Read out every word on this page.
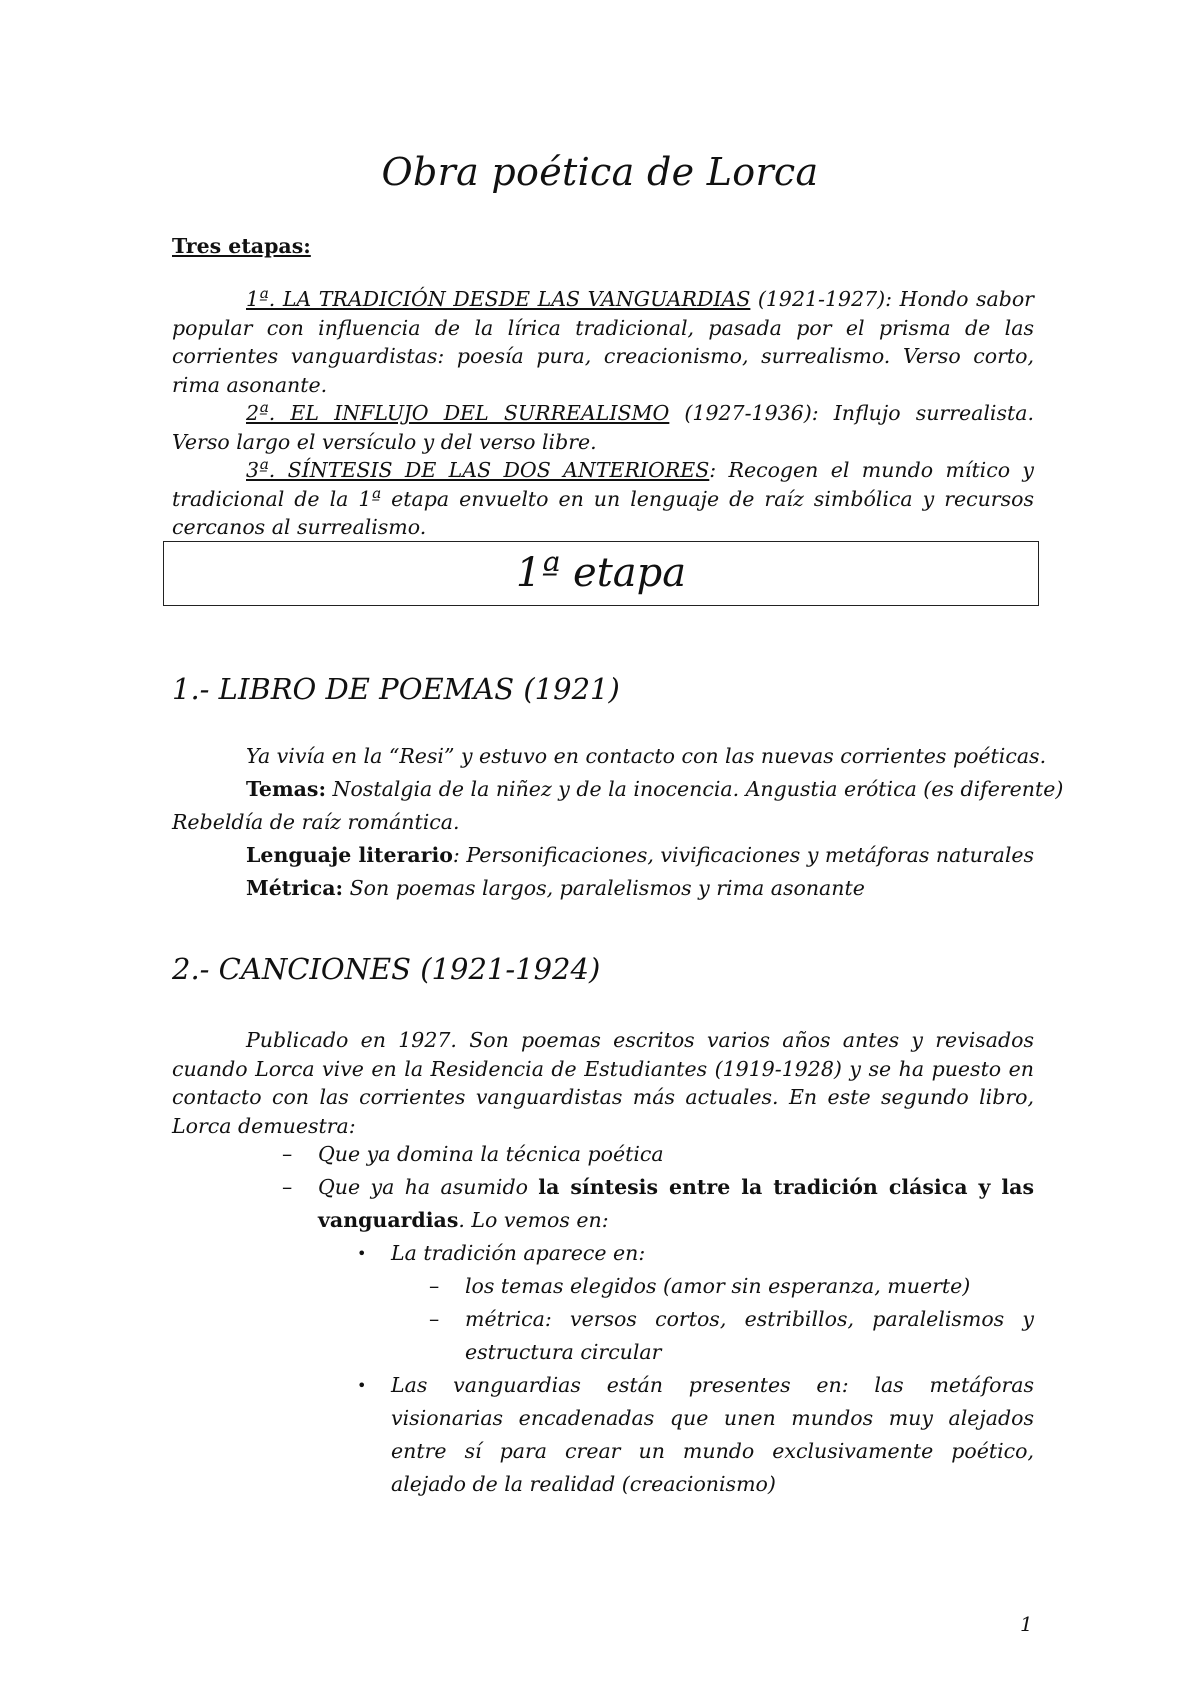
Obra poética de Lorca
Tres etapas:

1ª. LA TRADICIÓN DESDE LAS VANGUARDIAS (1921-1927): Hondo sabor popular con influencia de la lírica tradicional, pasada por el prisma de las corrientes vanguardistas: poesía pura, creacionismo, surrealismo. Verso corto, rima asonante.

2ª. EL INFLUJO DEL SURREALISMO (1927-1936): Influjo surrealista. Verso largo el versículo y del verso libre.

3ª. SÍNTESIS DE LAS DOS ANTERIORES: Recogen el mundo mítico y tradicional de la 1ª etapa envuelto en un lenguaje de raíz simbólica y recursos cercanos al surrealismo.

1ª etapa
1.- LIBRO DE POEMAS (1921)
Ya vivía en la “Resi” y estuvo en contacto con las nuevas corrientes poéticas.
Temas: Nostalgia de la niñez y de la inocencia. Angustia erótica (es diferente)
Rebeldía de raíz romántica.
Lenguaje literario: Personificaciones, vivificaciones y metáforas naturales
Métrica: Son poemas largos, paralelismos y rima asonante
2.- CANCIONES (1921-1924)

Publicado en 1927. Son poemas escritos varios años antes y revisados cuando Lorca vive en la Residencia de Estudiantes (1919-1928) y se ha puesto en contacto con las corrientes vanguardistas más actuales. En este segundo libro, Lorca demuestra:

– Que ya domina la técnica poética
– Que ya ha asumido la síntesis entre la tradición clásica y las vanguardias. Lo vemos en:
• La tradición aparece en:
– los temas elegidos (amor sin esperanza, muerte)
– métrica: versos cortos, estribillos, paralelismos y estructura circular
• Las vanguardias están presentes en: las metáforas visionarias encadenadas que unen mundos muy alejados entre sí para crear un mundo exclusivamente poético, alejado de la realidad (creacionismo)
1
